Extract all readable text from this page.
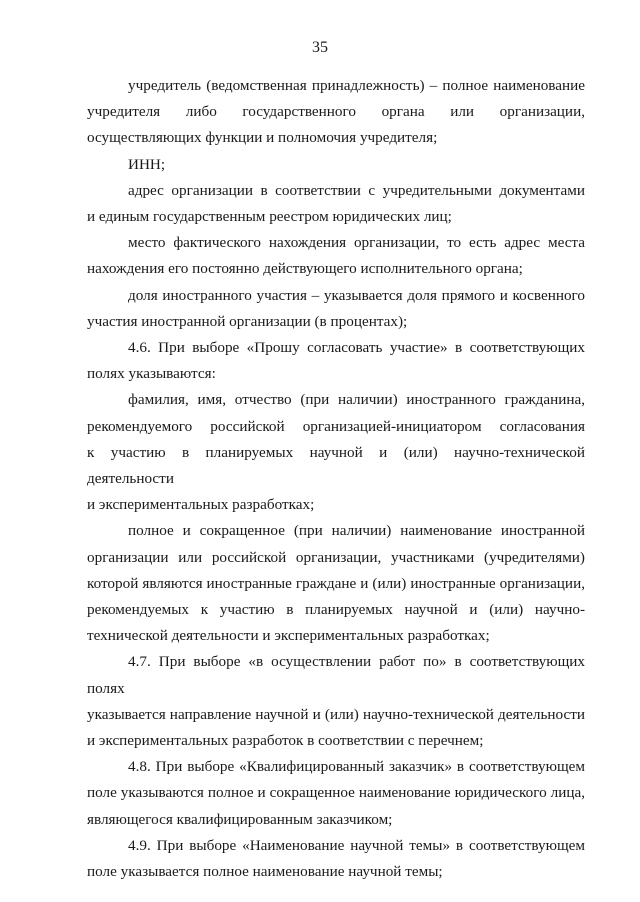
35

учредитель (ведомственная принадлежность) – полное наименование
учредителя либо государственного органа или организации,
осуществляющих функции и полномочия учредителя;

ИНН;

адрес организации в соответствии с учредительными документами
и единым государственным реестром юридических лиц;

место фактического нахождения организации, то есть адрес места
нахождения его постоянно действующего исполнительного органа;

доля иностранного участия – указывается доля прямого и косвенного
участия иностранной организации (в процентах);

4.6. При выборе «Прошу согласовать участие» в соответствующих
полях указываются:

фамилия, имя, отчество (при наличии) иностранного гражданина,
рекомендуемого российской организацией-инициатором согласования
к участию в планируемых научной и (или) научно-технической деятельности
и экспериментальных разработках;

полное и сокращенное (при наличии) наименование иностранной
организации или российской организации, участниками (учредителями)
которой являются иностранные граждане и (или) иностранные организации,
рекомендуемых к участию в планируемых научной и (или) научно-
технической деятельности и экспериментальных разработках;

4.7. При выборе «в осуществлении работ по» в соответствующих полях
указывается направление научной и (или) научно-технической деятельности
и экспериментальных разработок в соответствии с перечнем;

4.8. При выборе «Квалифицированный заказчик» в соответствующем
поле указываются полное и сокращенное наименование юридического лица,
являющегося квалифицированным заказчиком;

4.9. При выборе «Наименование научной темы» в соответствующем
поле указывается полное наименование научной темы;
